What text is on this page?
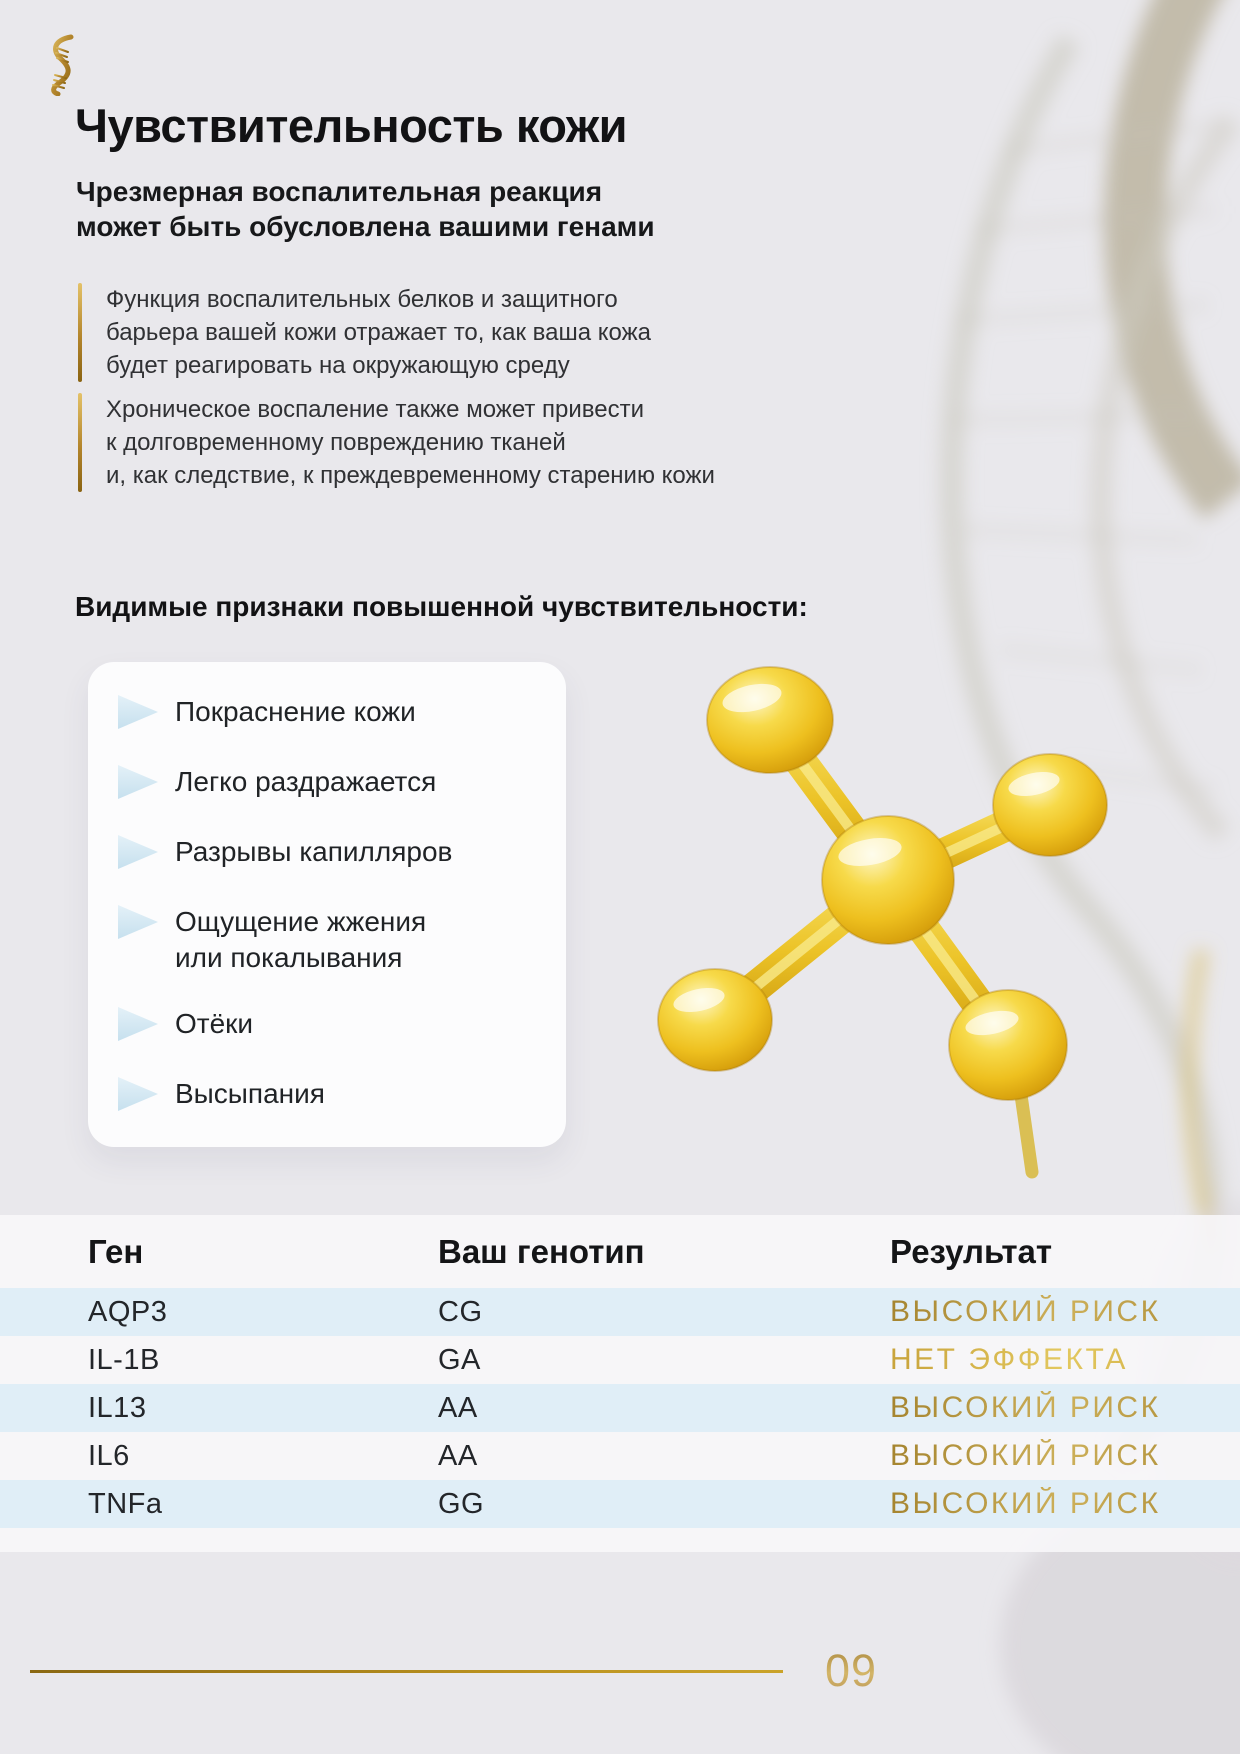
Чувствительность кожи
Чрезмерная воспалительная реакция
может быть обусловлена вашими генами
Функция воспалительных белков и защитного
барьера вашей кожи отражает то, как ваша кожа
будет реагировать на окружающую среду
Хроническое воспаление также может привести
к долговременному повреждению тканей
и, как следствие, к преждевременному старению кожи
Видимые признаки повышенной чувствительности:
Покраснение кожи
Легко раздражается
Разрывы капилляров
Ощущение жжения или покалывания
Отёки
Высыпания
Ген	Ваш генотип	Результат
AQP3	CG	ВЫСОКИЙ РИСК
IL-1B	GA	НЕТ ЭФФЕКТА
IL13	AA	ВЫСОКИЙ РИСК
IL6	AA	ВЫСОКИЙ РИСК
TNFa	GG	ВЫСОКИЙ РИСК
09
